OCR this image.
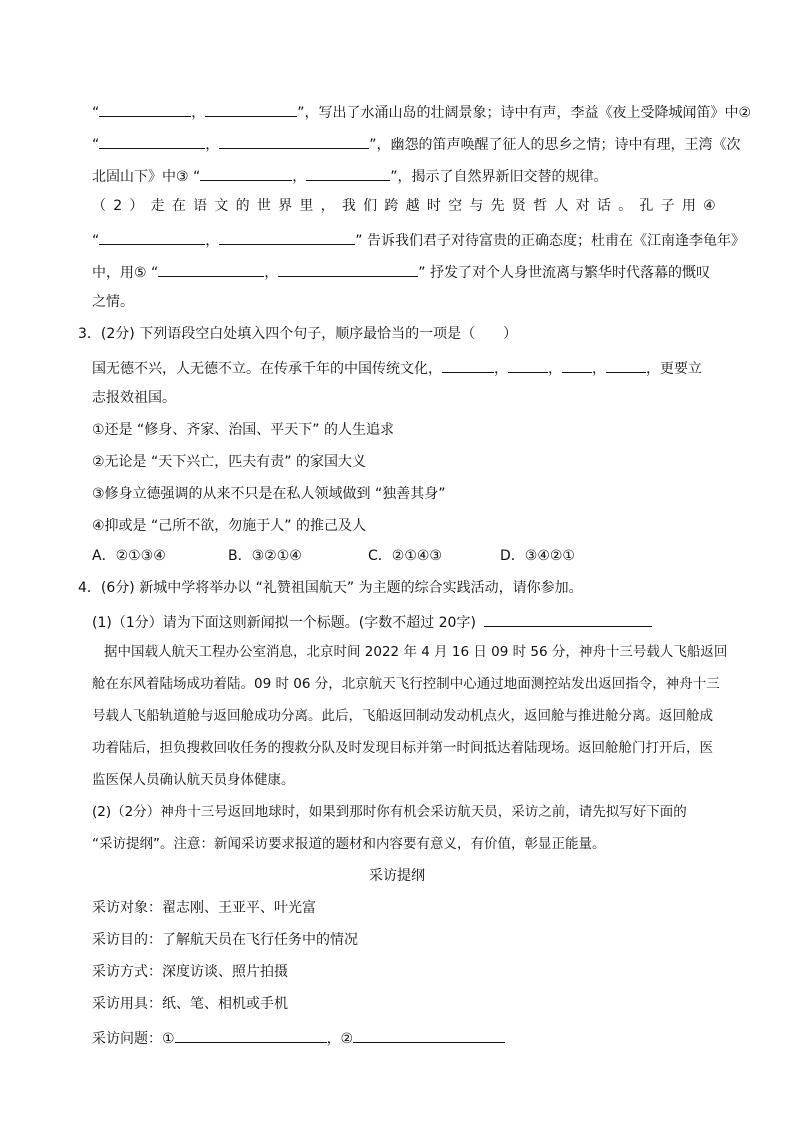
“	，	”，写出了水涌山岛的壮阔景象；诗中有声，李益《夜上受降城闻笛》中②
“	，	”，幽怨的笛声唤醒了征人的思乡之情；诗中有理，王湾《次
北固山下》中③ “	，	”，揭示了自然界新旧交替的规律。
（ 2 ） 走 在 语 文 的 世 界 里 ， 我 们 跨 越 时 空 与 先 贤 哲 人 对 话 。 孔 子 用 ④
“	，	” 告诉我们君子对待富贵的正确态度；杜甫在《江南逢李龟年》
中，用⑤ “	，	” 抒发了对个人身世流离与繁华时代落幕的慨叹
之情。
3．(2分) 下列语段空白处填入四个句子，顺序最恰当的一项是（　　）
国无德不兴，人无德不立。在传承千年的中国传统文化，	，	， ，	，更要立
志报效祖国。
①还是 “修身、齐家、治国、平天下” 的人生追求
②无论是 “天下兴亡，匹夫有责” 的家国大义
③修身立德强调的从来不只是在私人领域做到 “独善其身”
④抑或是 “己所不欲，勿施于人” 的推己及人
A．②①③④	B．③②①④	C．②①④③	D．③④②①
4．(6分) 新城中学将举办以 “礼赞祖国航天” 为主题的综合实践活动，请你参加。
(1)（1分）请为下面这则新闻拟一个标题。(字数不超过 20字)
据中国载人航天工程办公室消息，北京时间 2022 年 4 月 16 日 09 时 56 分，神舟十三号载人飞船返回
舱在东风着陆场成功着陆。09 时 06 分，北京航天飞行控制中心通过地面测控站发出返回指令，神舟十三
号载人飞船轨道舱与返回舱成功分离。此后，飞船返回制动发动机点火，返回舱与推进舱分离。返回舱成
功着陆后，担负搜救回收任务的搜救分队及时发现目标并第一时间抵达着陆现场。返回舱舱门打开后，医
监医保人员确认航天员身体健康。
(2)（2分）神舟十三号返回地球时，如果到那时你有机会采访航天员，采访之前，请先拟写好下面的
“采访提纲”。注意：新闻采访要求报道的题材和内容要有意义，有价值，彰显正能量。
采访提纲
采访对象：翟志刚、王亚平、叶光富
采访目的：了解航天员在飞行任务中的情况
采访方式：深度访谈、照片拍摄
采访用具：纸、笔、相机或手机
采访问题：①	，②
